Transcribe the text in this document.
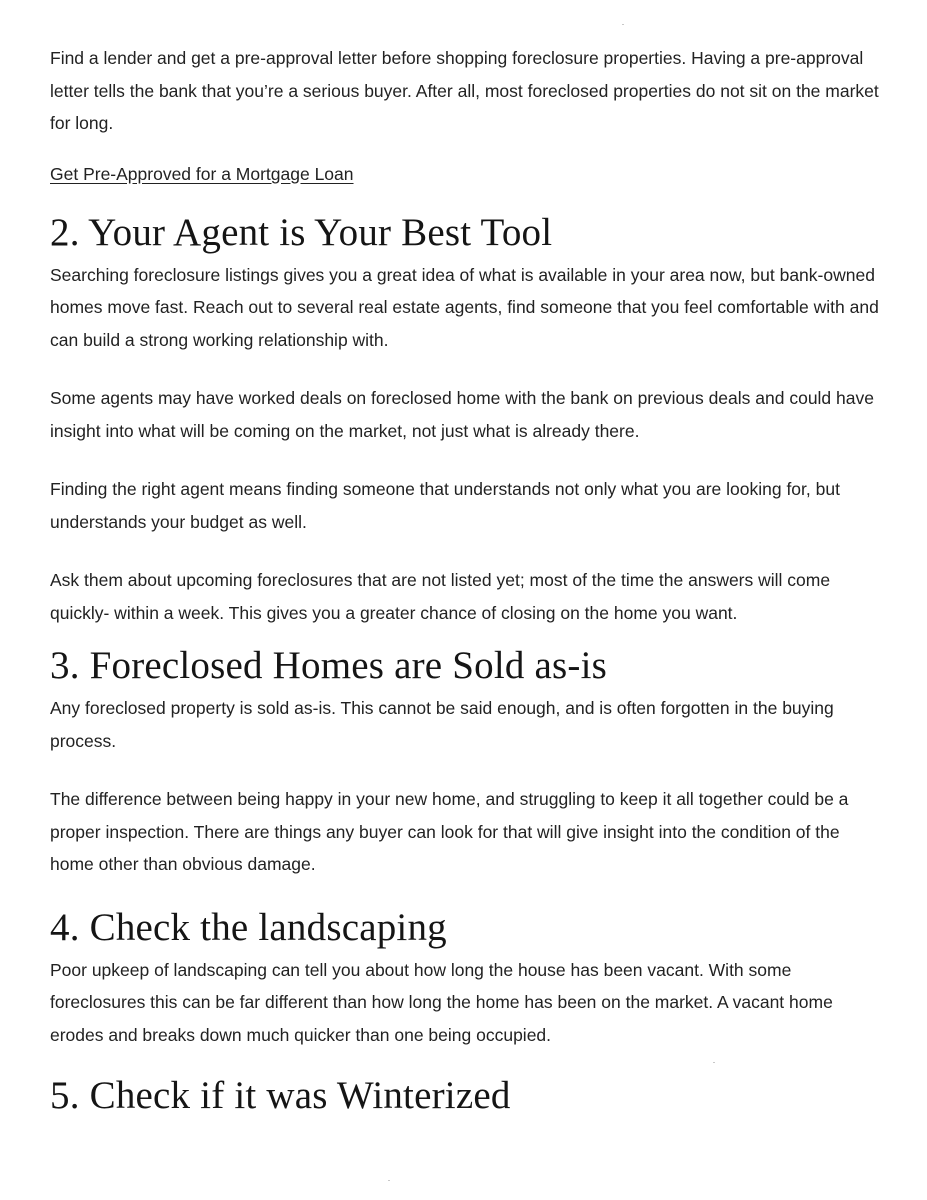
Find a lender and get a pre-approval letter before shopping foreclosure properties. Having a pre-approval letter tells the bank that you’re a serious buyer. After all, most foreclosed properties do not sit on the market for long.

Get Pre-Approved for a Mortgage Loan
2. Your Agent is Your Best Tool

Searching foreclosure listings gives you a great idea of what is available in your area now, but bank-owned homes move fast. Reach out to several real estate agents, find someone that you feel comfortable with and can build a strong working relationship with.

Some agents may have worked deals on foreclosed home with the bank on previous deals and could have insight into what will be coming on the market, not just what is already there.

Finding the right agent means finding someone that understands not only what you are looking for, but understands your budget as well.

Ask them about upcoming foreclosures that are not listed yet; most of the time the answers will come quickly- within a week. This gives you a greater chance of closing on the home you want.

3. Foreclosed Homes are Sold as-is

Any foreclosed property is sold as-is. This cannot be said enough, and is often forgotten in the buying process.

The difference between being happy in your new home, and struggling to keep it all together could be a proper inspection. There are things any buyer can look for that will give insight into the condition of the home other than obvious damage.

4. Check the landscaping

Poor upkeep of landscaping can tell you about how long the house has been vacant. With some foreclosures this can be far different than how long the home has been on the market. A vacant home erodes and breaks down much quicker than one being occupied.

5. Check if it was Winterized
